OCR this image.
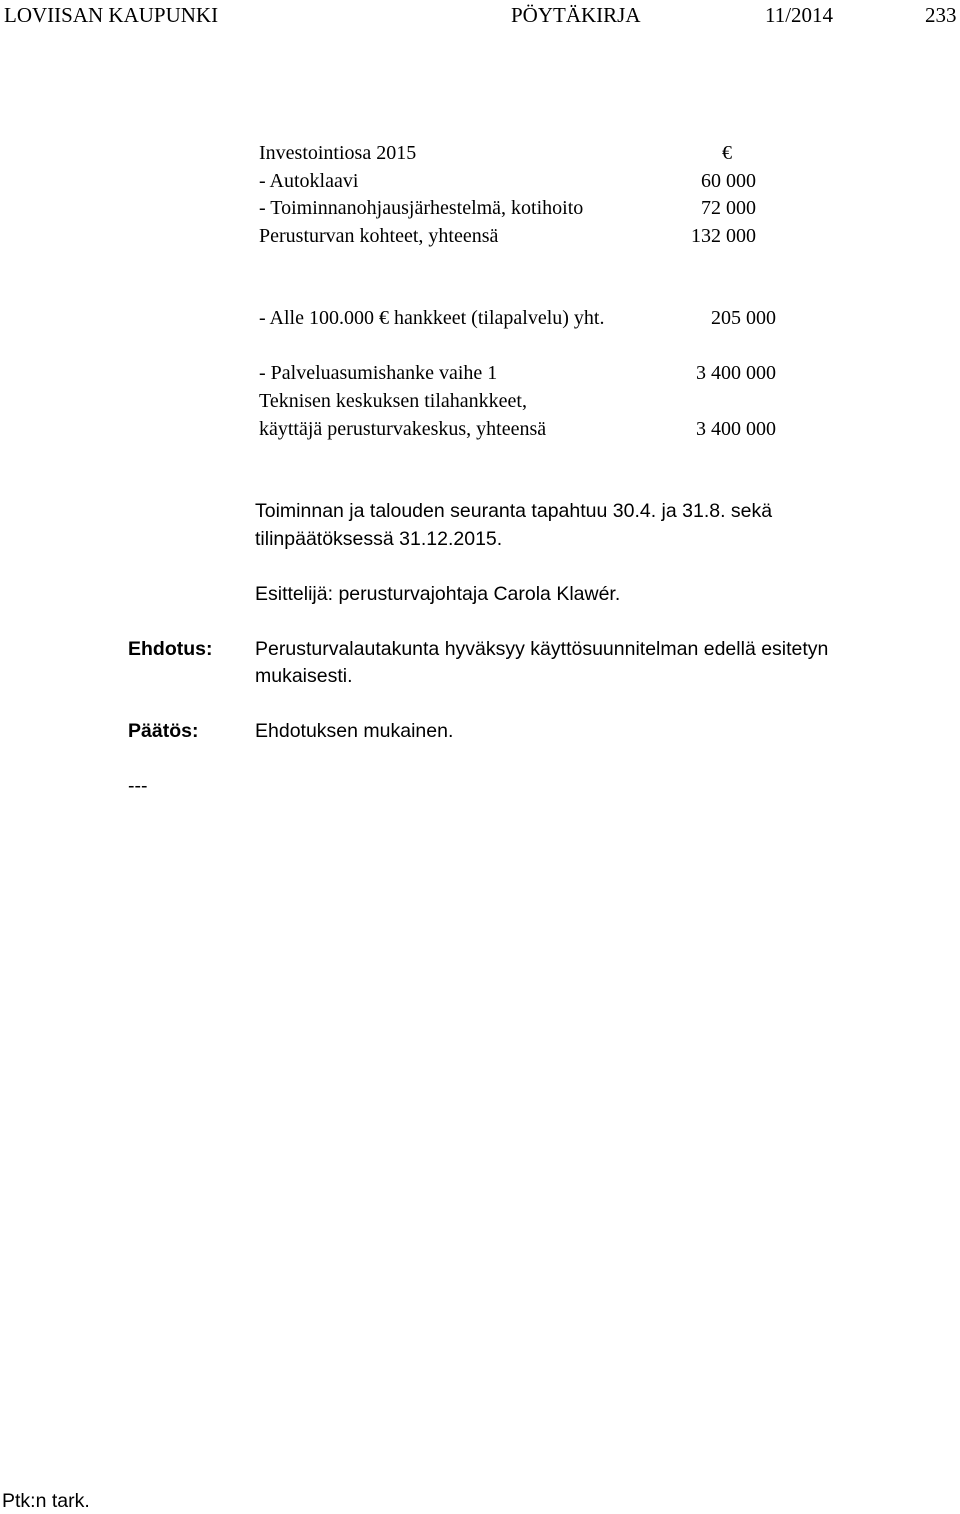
LOVIISAN KAUPUNKI	PÖYTÄKIRJA	11/2014	233
Investointiosa 2015	€
- Autoklaavi	60 000
- Toiminnanohjausjärhestelmä, kotihoito	72 000
Perusturvan kohteet, yhteensä	132 000
- Alle 100.000 € hankkeet (tilapalvelu) yht.	205 000
- Palveluasumishanke vaihe 1	3 400 000
Teknisen keskuksen tilahankkeet,
käyttäjä perusturvakeskus, yhteensä	3 400 000
Toiminnan ja talouden seuranta tapahtuu 30.4. ja 31.8. sekä
tilinpäätöksessä 31.12.2015.
Esittelijä: perusturvajohtaja Carola Klawér.
Ehdotus: Perusturvalautakunta hyväksyy käyttösuunnitelman edellä esitetyn
mukaisesti.
Päätös:	Ehdotuksen mukainen.
---
Ptk:n tark.
